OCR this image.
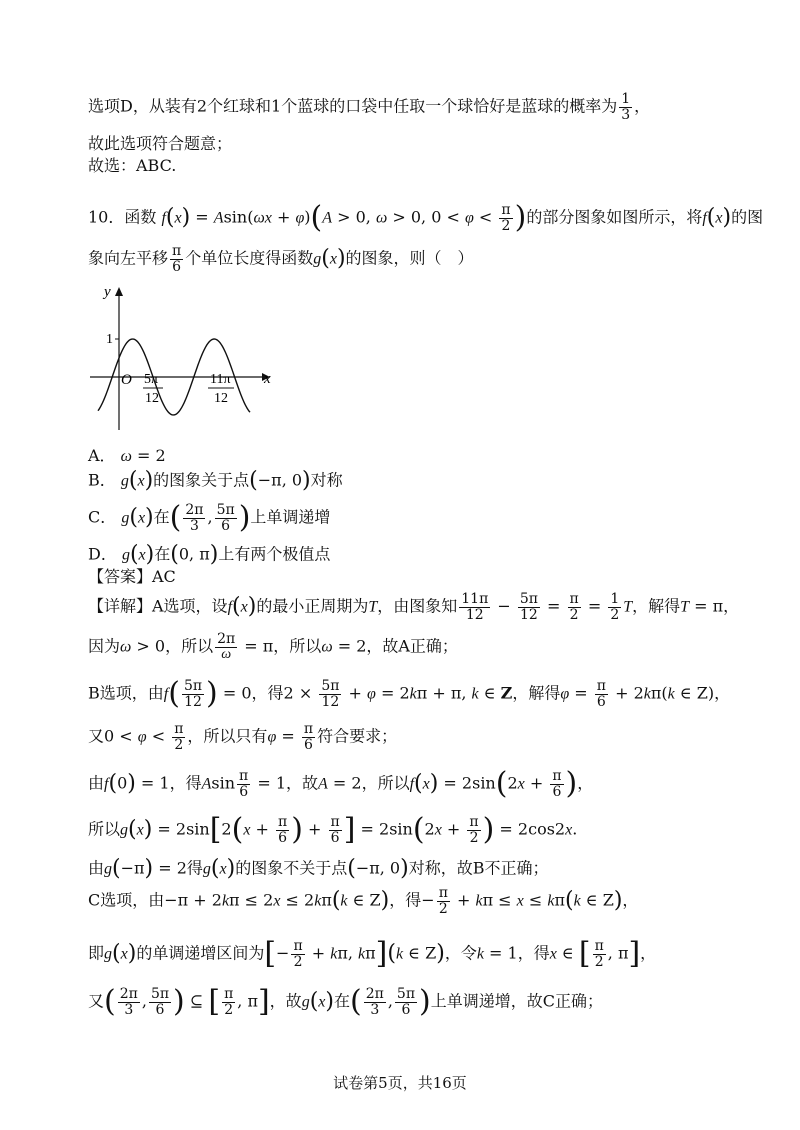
选项D，从装有2个红球和1个蓝球的口袋中任取一个球恰好是蓝球的概率为 $\frac{1}{3}$ ，
故此选项符合题意；
故选：ABC.
10．函数 f(x) = Asin(ωx + φ)(A > 0, ω > 0, $0 < \varphi < \frac{\pi}{2}$ )的部分图象如图所示，将f(x)的图
象向左平移 $\frac{\pi}{6}$ 个单位长度得函数g(x)的图象，则（　）
y
x
O
1
5π
12
11π
12
A． ω = 2
B． g(x)的图象关于点(−π, 0)对称
C． g(x)在( $\frac{2\pi}{3}$ , $\frac{5\pi}{6}$ )上单调递增
D． g(x)在(0, π)上有两个极值点
【答案】AC
【详解】A选项，设f(x)的最小正周期为T，由图象知 $\frac{11\pi}{12} - \frac{5\pi}{12} = \frac{\pi}{2} = \frac{1}{2}$ T，解得T = π，
因为ω > 0，所以 $\frac{2\pi}{\omega} = \pi$，所以ω = 2，故A正确；
B选项，由$f( \frac{5\pi}{12}$ ) = 0，得$2 \times \frac{5\pi}{12} + \varphi = 2k\pi + \pi$, k ∈ Z，解得$\varphi = \frac{\pi}{6} + 2k\pi(k$ ∈ Z)，
又$0 < \varphi < \frac{\pi}{2}$ ，所以只有$\varphi = \frac{\pi}{6}$ 符合要求；
由f(0) = 1，得Asin $\frac{\pi}{6} = 1$，故A = 2，所以$f(x) = 2\sin(2x + \frac{\pi}{6}$ )，
所以$g(x) = 2\sin[2(x + \frac{\pi}{6}$ ) + $\frac{\pi}{6}$ ] = $2\sin(2x + \frac{\pi}{2}$ ) = 2cos2x.
由g(−π) = 2得g(x)的图象不关于点(−π, 0)对称，故B不正确；
C选项，由−π + 2kπ ≤ 2x ≤ 2kπ(k ∈ Z)，得− $\frac{\pi}{2} + k\pi \le x \le k\pi(k$ ∈ Z)，
即g(x)的单调递增区间为[− $\frac{\pi}{2} + k\pi$, kπ](k ∈ Z)，令k = 1，得x ∈ [ $\frac{\pi}{2}$ , π]，
又( $\frac{2\pi}{3}$ , $\frac{5\pi}{6}$ ) ⊆ [ $\frac{\pi}{2}$ , π]，故g(x)在( $\frac{2\pi}{3}$ , $\frac{5\pi}{6}$ )上单调递增，故C正确；
试卷第5页，共16页
